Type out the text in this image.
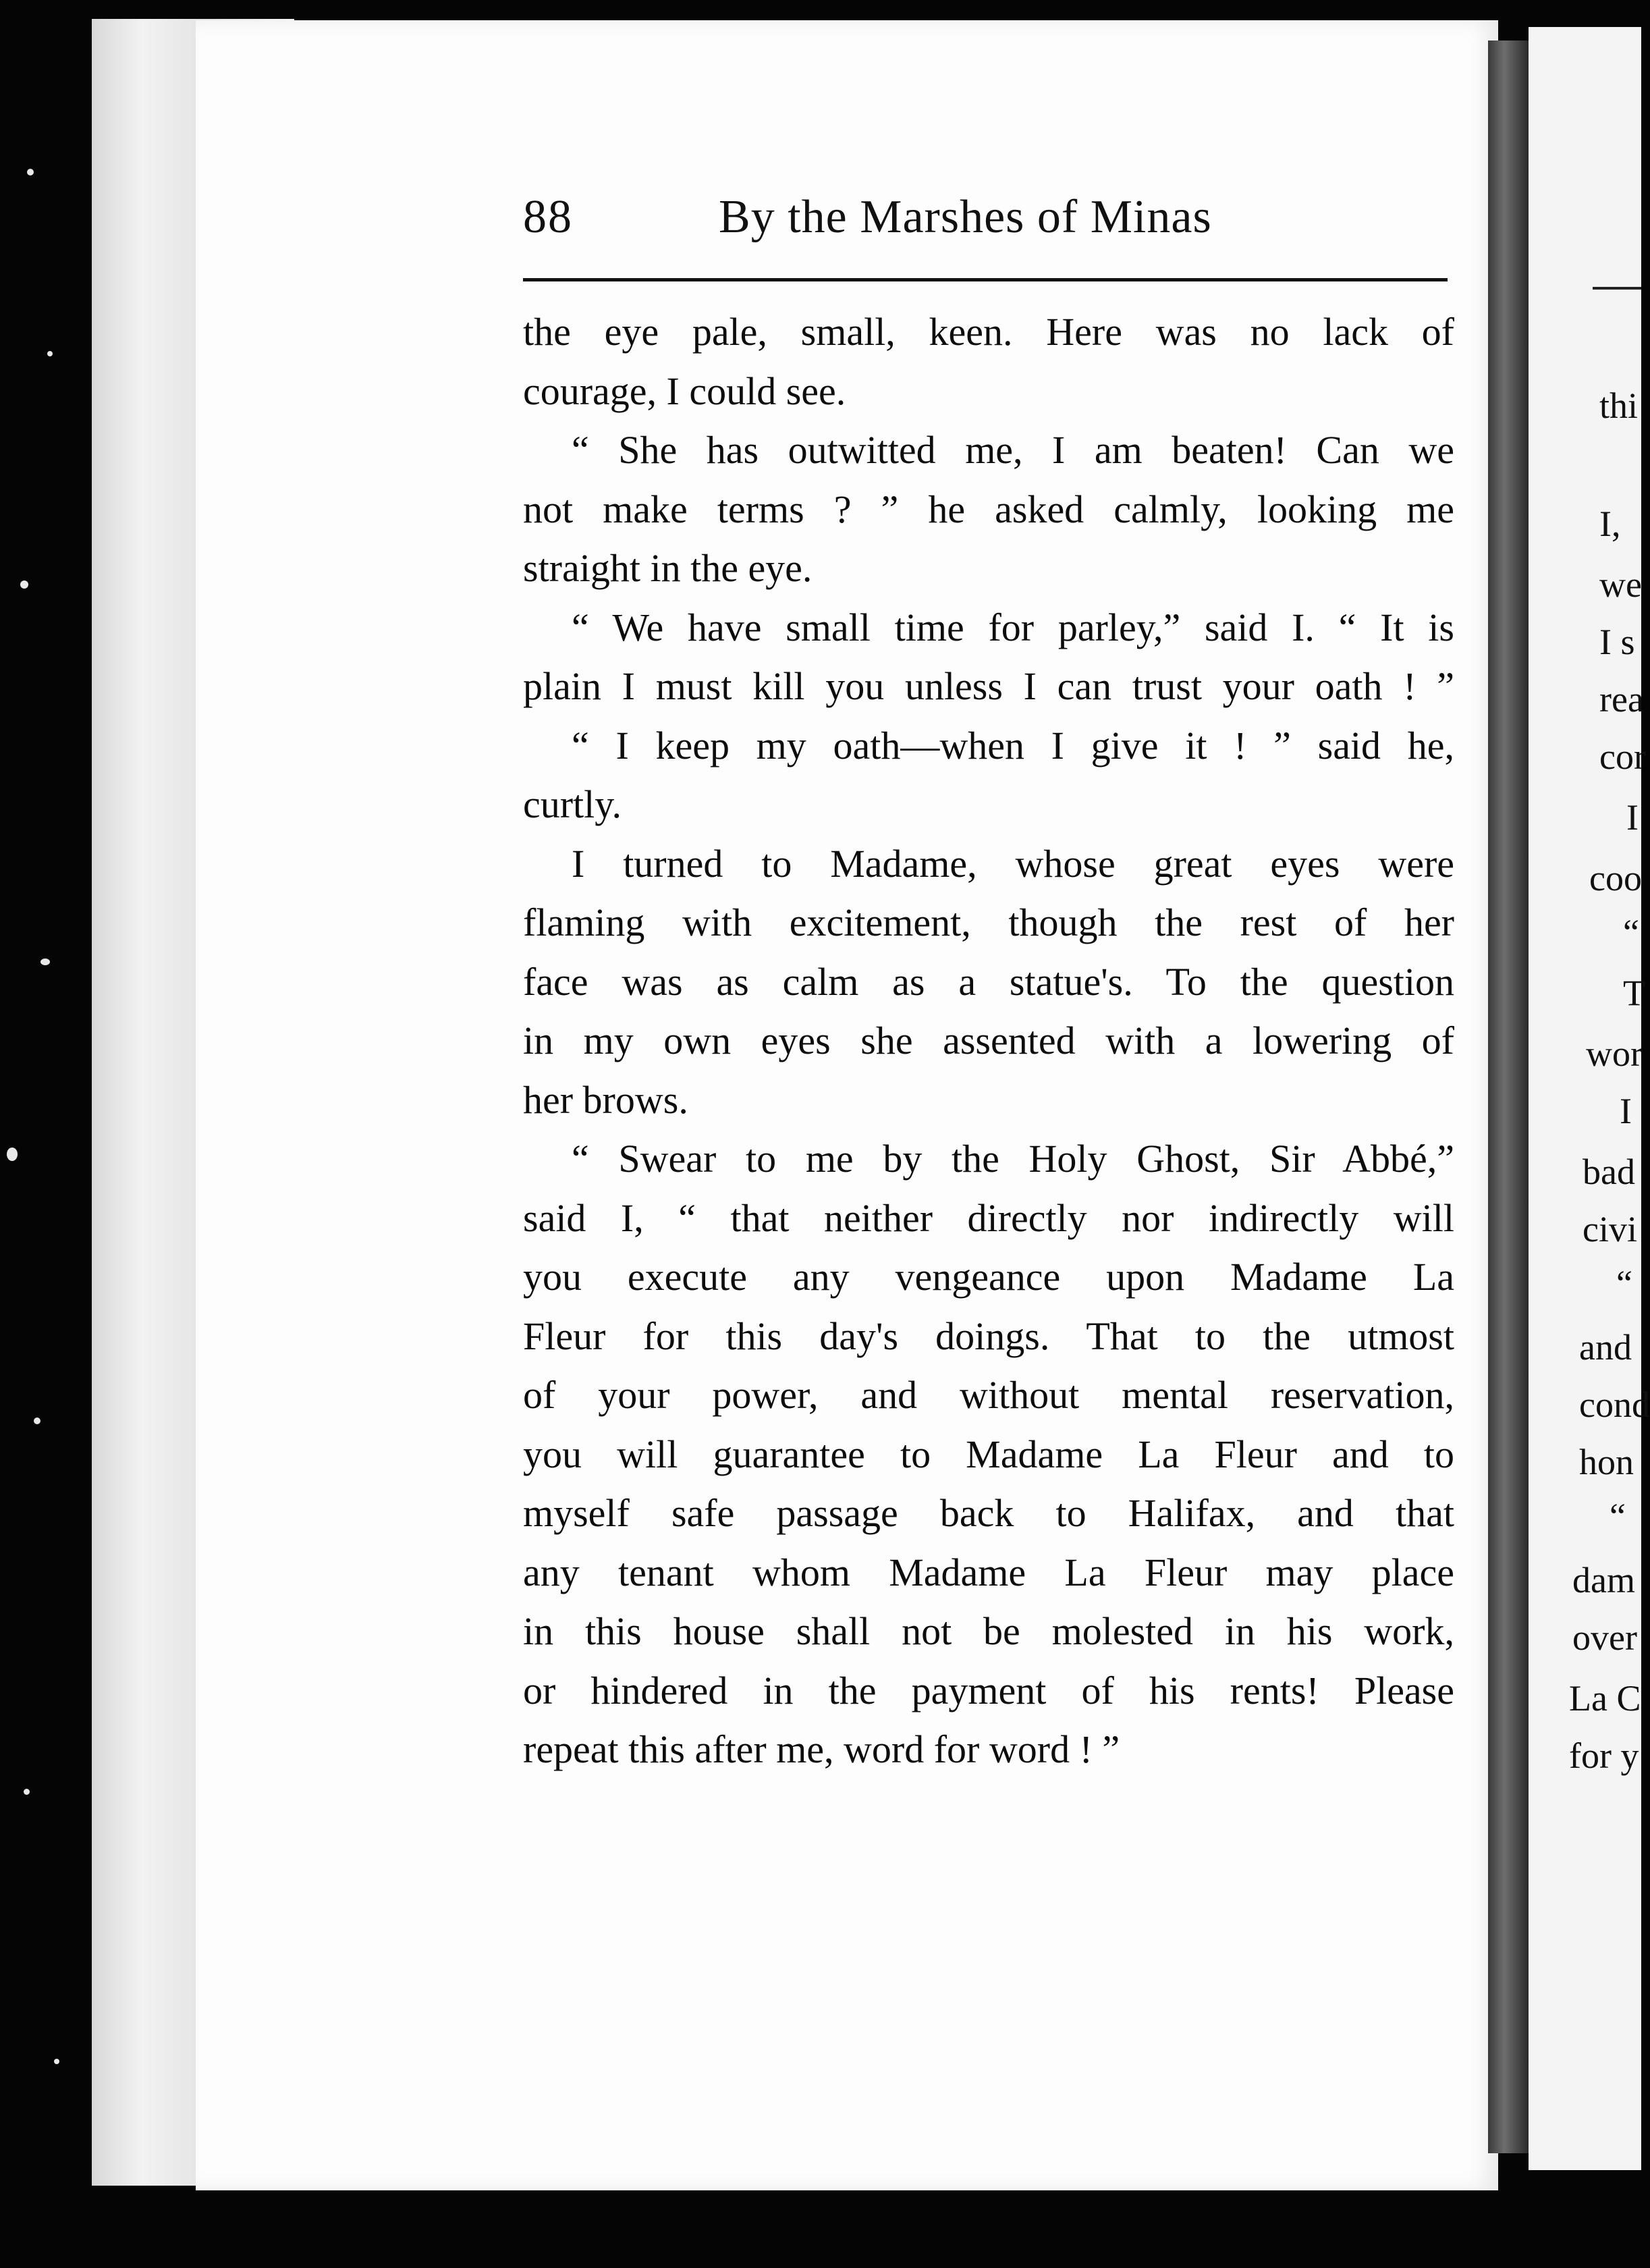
88	By the Marshes of Minas
the eye pale, small, keen. Here was no lack of
courage, I could see.
“ She has outwitted me, I am beaten! Can we
not make terms ? ” he asked calmly, looking me
straight in the eye.
“ We have small time for parley,” said I. “ It is
plain I must kill you unless I can trust your oath ! ”
“ I keep my oath—when I give it ! ” said he,
curtly.
I turned to Madame, whose great eyes were
flaming with excitement, though the rest of her
face was as calm as a statue's. To the question
in my own eyes she assented with a lowering of
her brows.
“ Swear to me by the Holy Ghost, Sir Abbé,”
said I, “ that neither directly nor indirectly will
you execute any vengeance upon Madame La
Fleur for this day's doings. That to the utmost
of your power, and without mental reservation,
you will guarantee to Madame La Fleur and to
myself safe passage back to Halifax, and that
any tenant whom Madame La Fleur may place
in this house shall not be molested in his work,
or hindered in the payment of his rents! Please
repeat this after me, word for word ! ”
thi
I,
we
I s
rea
cor
I
coo
“
T
wor
I
bad
civi
“
and
cond
hon
“
dam
over
La C
for y
